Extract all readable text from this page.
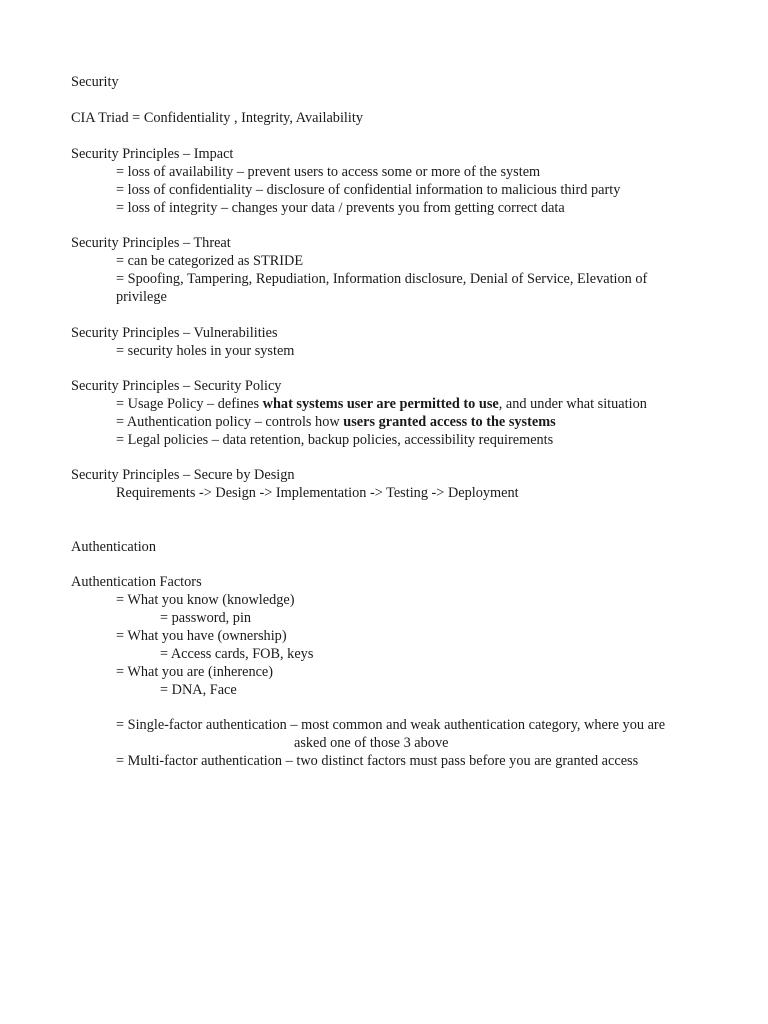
Security
CIA Triad = Confidentiality , Integrity, Availability
Security Principles – Impact
= loss of availability – prevent users to access some or more of the system
= loss of confidentiality – disclosure of confidential information to malicious third party
= loss of integrity – changes your data / prevents you from getting correct data
Security Principles – Threat
= can be categorized as STRIDE
= Spoofing, Tampering, Repudiation, Information disclosure, Denial of Service, Elevation of
privilege
Security Principles – Vulnerabilities
= security holes in your system
Security Principles – Security Policy
= Usage Policy – defines what systems user are permitted to use, and under what situation
= Authentication policy – controls how users granted access to the systems
= Legal policies – data retention, backup policies, accessibility requirements
Security Principles – Secure by Design
Requirements -> Design -> Implementation -> Testing -> Deployment
Authentication
Authentication Factors
= What you know (knowledge)
= password, pin
= What you have (ownership)
= Access cards, FOB, keys
= What you are (inherence)
= DNA, Face
= Single-factor authentication – most common and weak authentication category, where you are
asked one of those 3 above
= Multi-factor authentication – two distinct factors must pass before you are granted access
